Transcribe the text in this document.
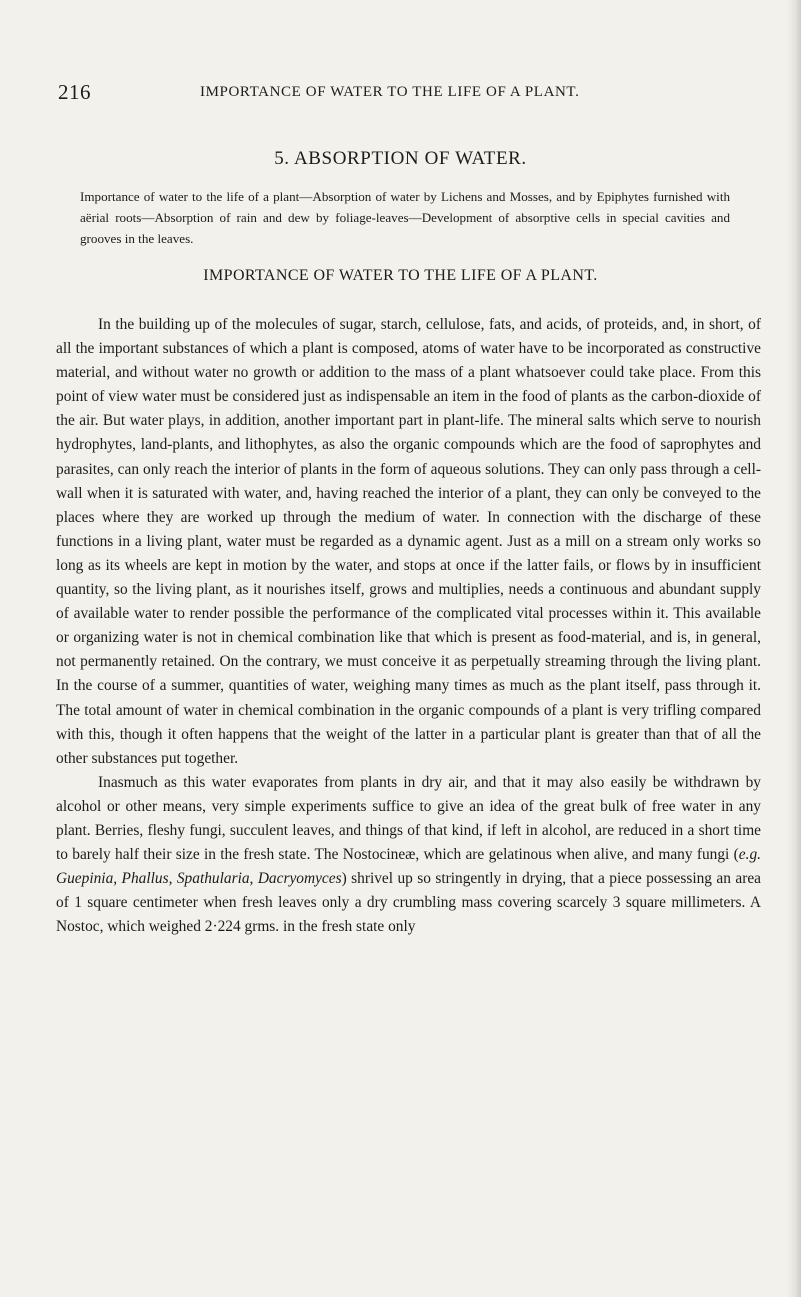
216	IMPORTANCE OF WATER TO THE LIFE OF A PLANT.
5. ABSORPTION OF WATER.

Importance of water to the life of a plant—Absorption of water by Lichens and Mosses, and by Epiphytes furnished with aërial roots—Absorption of rain and dew by foliage-leaves—Development of absorptive cells in special cavities and grooves in the leaves.

IMPORTANCE OF WATER TO THE LIFE OF A PLANT.

In the building up of the molecules of sugar, starch, cellulose, fats, and acids, of proteids, and, in short, of all the important substances of which a plant is composed, atoms of water have to be incorporated as constructive material, and without water no growth or addition to the mass of a plant whatsoever could take place. From this point of view water must be considered just as indispensable an item in the food of plants as the carbon-dioxide of the air. But water plays, in addition, another important part in plant-life. The mineral salts which serve to nourish hydrophytes, land-plants, and lithophytes, as also the organic compounds which are the food of saprophytes and parasites, can only reach the interior of plants in the form of aqueous solutions. They can only pass through a cell-wall when it is saturated with water, and, having reached the interior of a plant, they can only be conveyed to the places where they are worked up through the medium of water. In connection with the discharge of these functions in a living plant, water must be regarded as a dynamic agent. Just as a mill on a stream only works so long as its wheels are kept in motion by the water, and stops at once if the latter fails, or flows by in insufficient quantity, so the living plant, as it nourishes itself, grows and multiplies, needs a continuous and abundant supply of available water to render possible the performance of the complicated vital processes within it. This available or organizing water is not in chemical combination like that which is present as food-material, and is, in general, not permanently retained. On the contrary, we must conceive it as perpetually streaming through the living plant. In the course of a summer, quantities of water, weighing many times as much as the plant itself, pass through it. The total amount of water in chemical combination in the organic compounds of a plant is very trifling compared with this, though it often happens that the weight of the latter in a particular plant is greater than that of all the other substances put together.

Inasmuch as this water evaporates from plants in dry air, and that it may also easily be withdrawn by alcohol or other means, very simple experiments suffice to give an idea of the great bulk of free water in any plant. Berries, fleshy fungi, succulent leaves, and things of that kind, if left in alcohol, are reduced in a short time to barely half their size in the fresh state. The Nostocineæ, which are gelatinous when alive, and many fungi (e.g. Guepinia, Phallus, Spathularia, Dacryomyces) shrivel up so stringently in drying, that a piece possessing an area of 1 square centimeter when fresh leaves only a dry crumbling mass covering scarcely 3 square millimeters. A Nostoc, which weighed 2·224 grms. in the fresh state only
